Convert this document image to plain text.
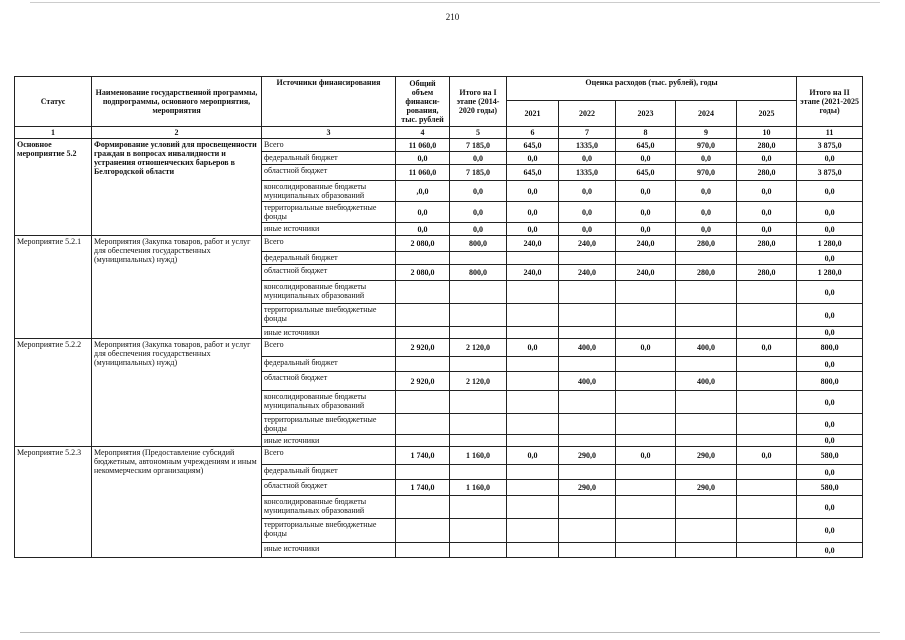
210
Статус	Наименование государственной программы, подпрограммы, основного мероприятия, мероприятия	Источники финансирования	Общий объем финанси-рования, тыс. рублей	Итого на I этапе (2014-2020 годы)	Оценка расходов (тыс. рублей), годы					Итого на II этапе (2021-2025 годы)
					2021	2022	2023	2024	2025	
1	2	3	4	5	6	7	8	9	10	11
Основное мероприятие 5.2	Формирование условий для просвещенности граждан в вопросах инвалидности и устранения отношенческих барьеров в Белгородской области	Всего	11 060,0	7 185,0	645,0	1335,0	645,0	970,0	280,0	3 875,0
		федеральный бюджет	0,0	0,0	0,0	0,0	0,0	0,0	0,0	0,0
		областной бюджет	11 060,0	7 185,0	645,0	1335,0	645,0	970,0	280,0	3 875,0
		консолидированные бюджеты муниципальных образований	,0,0	0,0	0,0	0,0	0,0	0,0	0,0	0,0
		территориальные внебюджетные фонды	0,0	0,0	0,0	0,0	0,0	0,0	0,0	0,0
		иные источники	0,0	0,0	0,0	0,0	0,0	0,0	0,0	0,0
Мероприятие 5.2.1	Мероприятия (Закупка товаров, работ и услуг для обеспечения государственных (муниципальных) нужд)	Всего	2 080,0	800,0	240,0	240,0	240,0	280,0	280,0	1 280,0
		федеральный бюджет								0,0
		областной бюджет	2 080,0	800,0	240,0	240,0	240,0	280,0	280,0	1 280,0
		консолидированные бюджеты муниципальных образований								0,0
		территориальные внебюджетные фонды								0,0
		иные источники								0,0
Мероприятие 5.2.2	Мероприятия (Закупка товаров, работ и услуг для обеспечения государственных (муниципальных) нужд)	Всего	2 920,0	2 120,0	0,0	400,0	0,0	400,0	0,0	800,0
		федеральный бюджет								0,0
		областной бюджет	2 920,0	2 120,0		400,0		400,0		800,0
		консолидированные бюджеты муниципальных образований								0,0
		территориальные внебюджетные фонды								0,0
		иные источники								0,0
Мероприятие 5.2.3	Мероприятия (Предоставление субсидий бюджетным, автономным учреждениям и иным некоммерческим организациям)	Всего	1 740,0	1 160,0	0,0	290,0	0,0	290,0	0,0	580,0
		федеральный бюджет								0,0
		областной бюджет	1 740,0	1 160,0		290,0		290,0		580,0
		консолидированные бюджеты муниципальных образований								0,0
		территориальные внебюджетные фонды								0,0
		иные источники								0,0
